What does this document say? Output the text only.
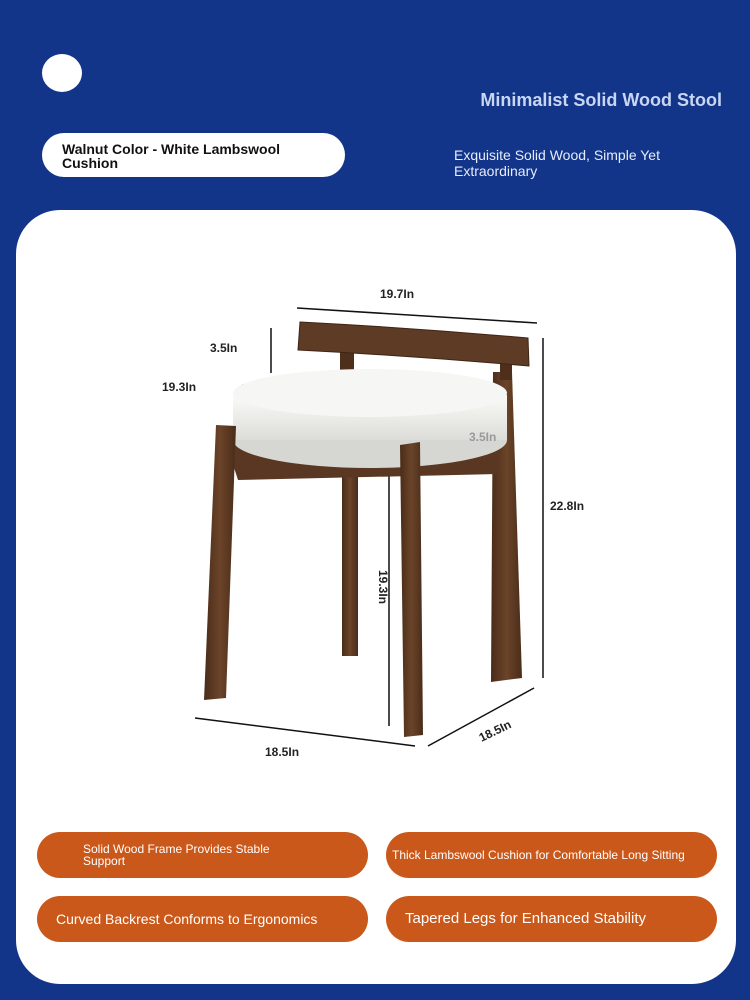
Minimalist Solid Wood Stool
Walnut Color - White Lambswool Cushion	Exquisite Solid Wood, Simple Yet Extraordinary
19.7In
3.5In
19.3In
3.5In
22.8In
19.3In
18.5In
18.5In
Solid Wood Frame Provides Stable Support	Thick Lambswool Cushion for Comfortable Long Sitting
Curved Backrest Conforms to Ergonomics	Tapered Legs for Enhanced Stability
